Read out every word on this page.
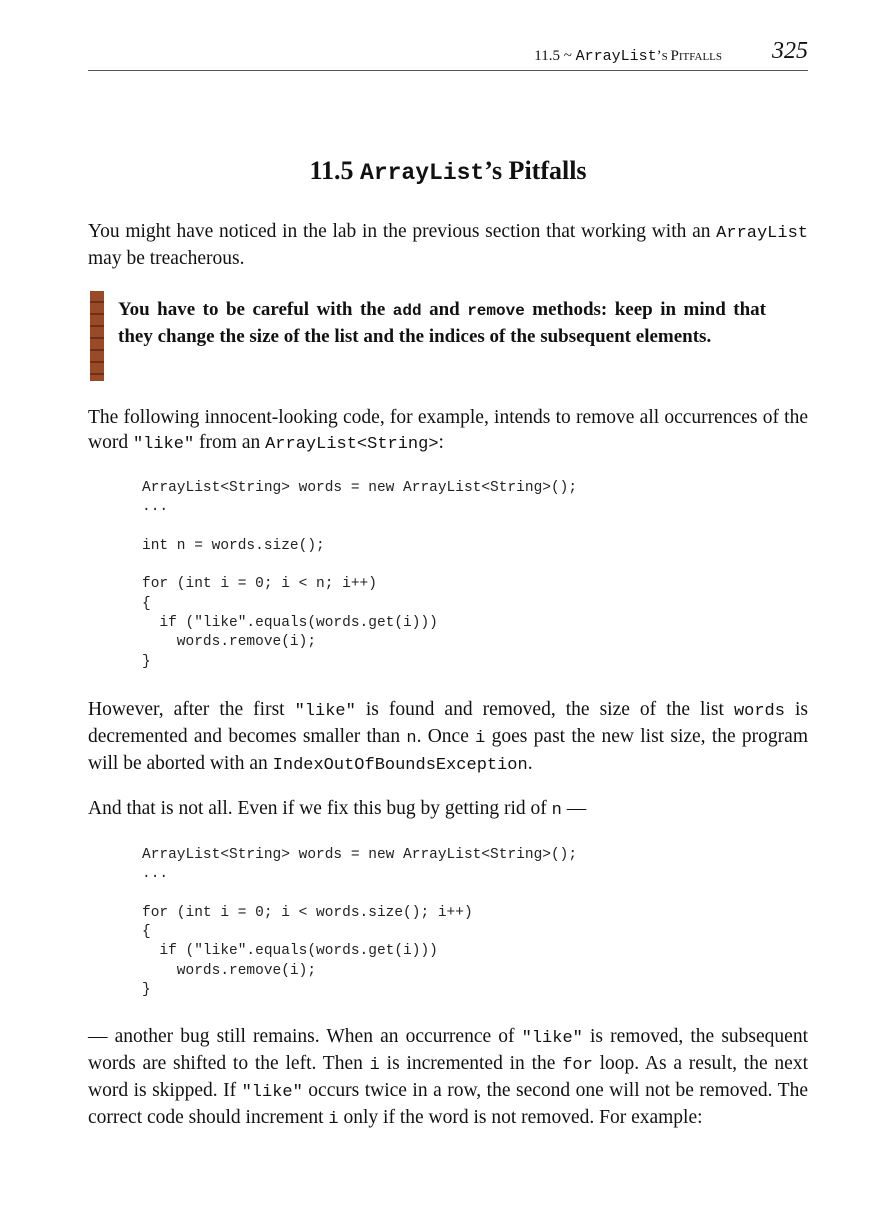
11.5 ~ ArrayList’S PITFALLS 325
11.5 ArrayList’s Pitfalls
You might have noticed in the lab in the previous section that working with an ArrayList may be treacherous.
You have to be careful with the add and remove methods: keep in mind that they change the size of the list and the indices of the subsequent elements.
The following innocent-looking code, for example, intends to remove all occurrences of the word "like" from an ArrayList<String>:
ArrayList<String> words = new ArrayList<String>();
...

int n = words.size();

for (int i = 0; i < n; i++)
{
if ("like".equals(words.get(i)))
words.remove(i);
}
However, after the first "like" is found and removed, the size of the list words is decremented and becomes smaller than n. Once i goes past the new list size, the program will be aborted with an IndexOutOfBoundsException.
And that is not all. Even if we fix this bug by getting rid of n —
ArrayList<String> words = new ArrayList<String>();
...

for (int i = 0; i < words.size(); i++)
{
if ("like".equals(words.get(i)))
words.remove(i);
}
— another bug still remains. When an occurrence of "like" is removed, the subsequent words are shifted to the left. Then i is incremented in the for loop. As a result, the next word is skipped. If "like" occurs twice in a row, the second one will not be removed. The correct code should increment i only if the word is not removed. For example:
